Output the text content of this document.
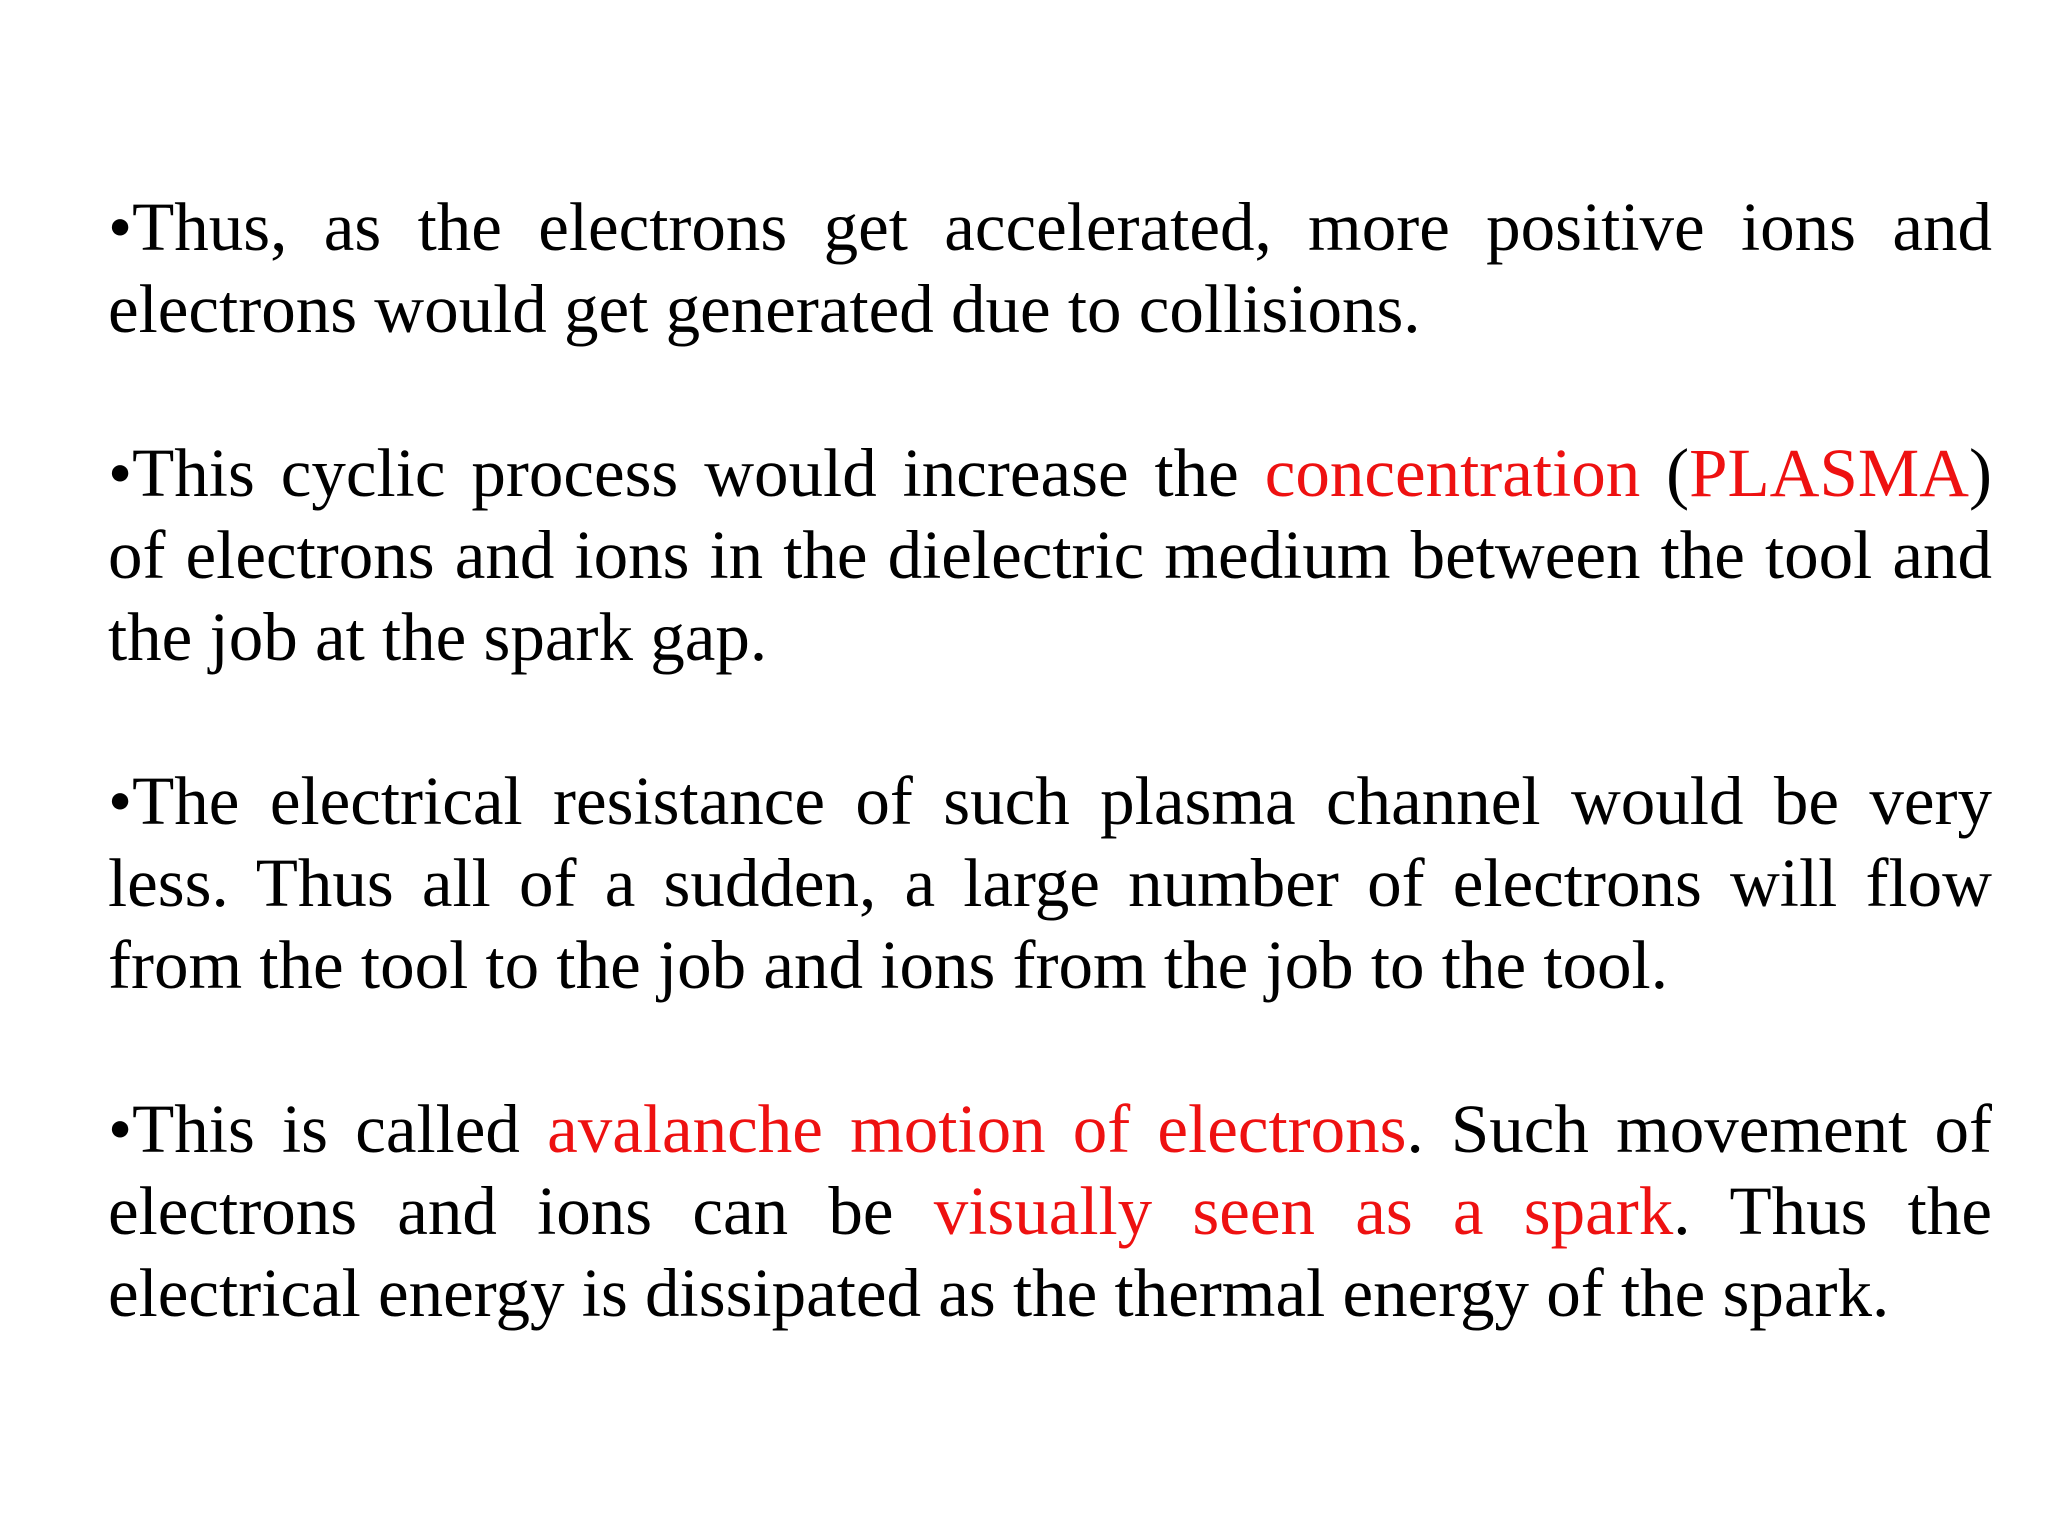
•Thus, as the electrons get accelerated, more positive ions and electrons would get generated due to collisions.

•This cyclic process would increase the concentration (PLASMA) of electrons and ions in the dielectric medium between the tool and the job at the spark gap.

•The electrical resistance of such plasma channel would be very less. Thus all of a sudden, a large number of electrons will flow from the tool to the job and ions from the job to the tool.

•This is called avalanche motion of electrons. Such movement of electrons and ions can be visually seen as a spark. Thus the electrical energy is dissipated as the thermal energy of the spark.
